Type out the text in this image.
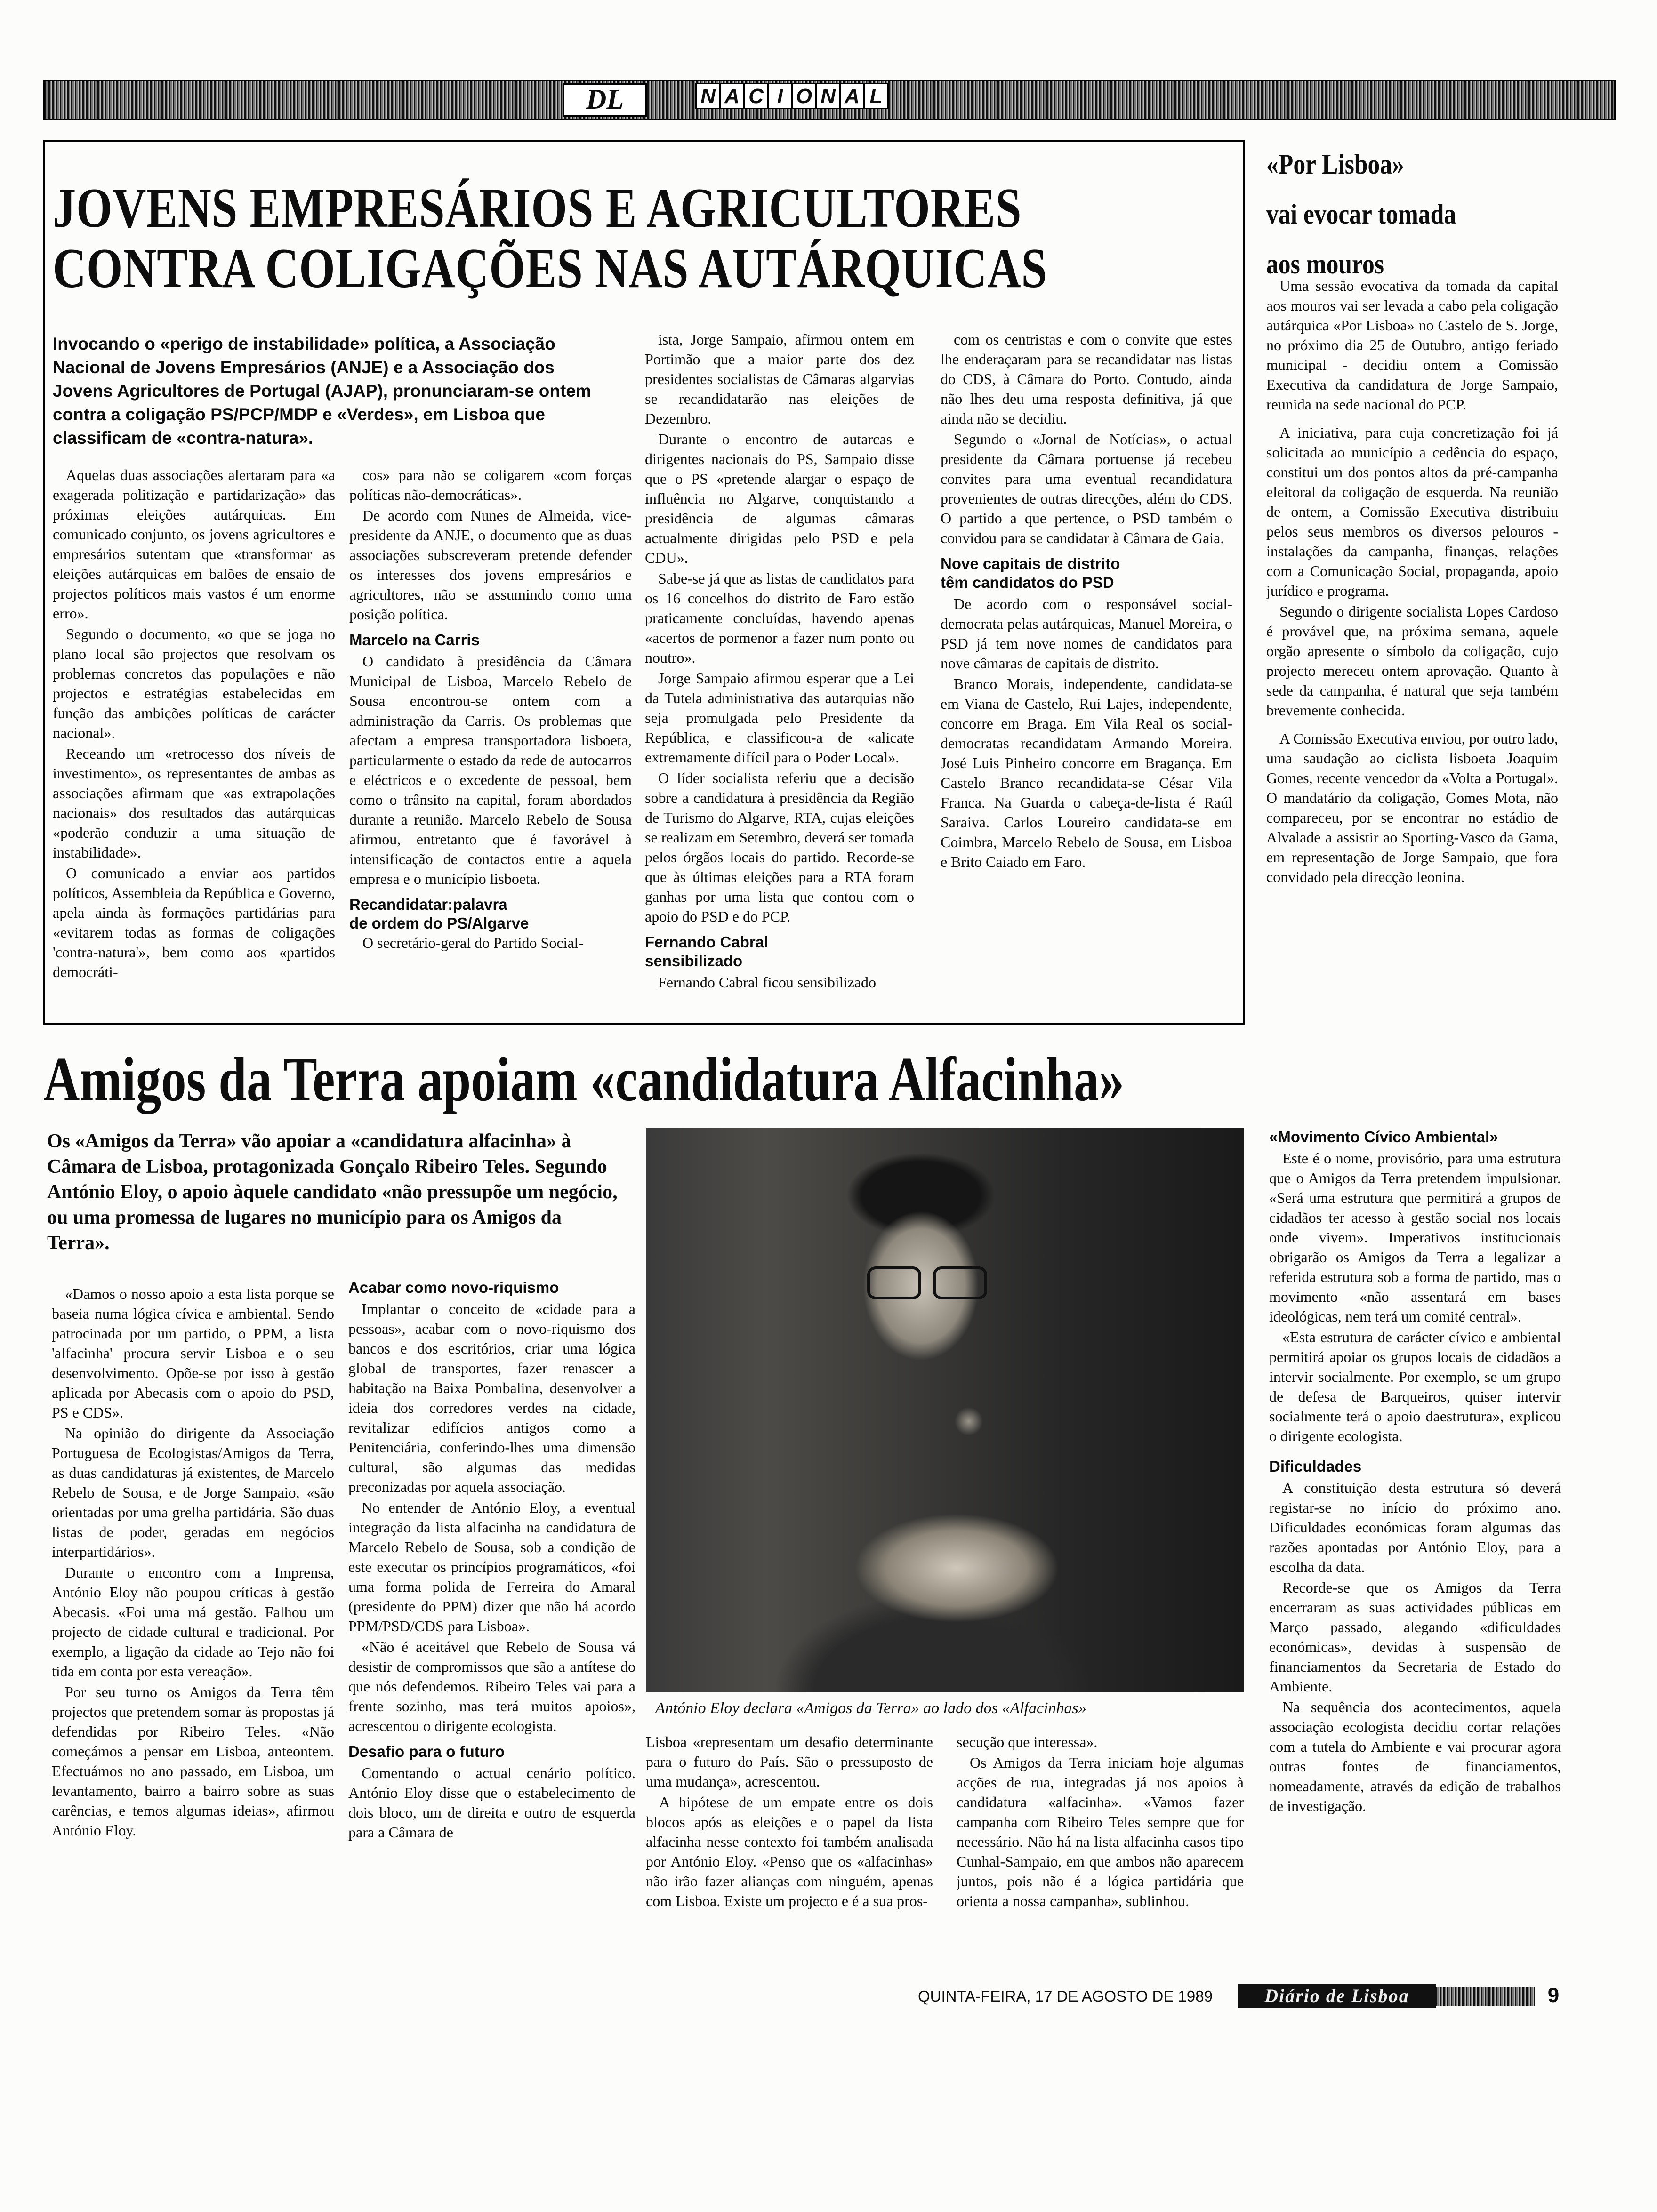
DL	N A C I O N A L
JOVENS EMPRESÁRIOS E AGRICULTORES
CONTRA COLIGAÇÕES NAS AUTÁRQUICAS
Invocando o «perigo de instabilidade» política, a Associação Nacional de Jovens Empresários (ANJE) e a Associação dos Jovens Agricultores de Portugal (AJAP), pronunciaram-se ontem contra a coligação PS/PCP/MDP e «Verdes», em Lisboa que classificam de «contra-natura».

Aquelas duas associações alertaram para «a exagerada politização e partidarização» das próximas eleições autárquicas. Em comunicado conjunto, os jovens agricultores e empresários sutentam que «transformar as eleições autárquicas em balões de ensaio de projectos políticos mais vastos é um enorme erro».

Segundo o documento, «o que se joga no plano local são projectos que resolvam os problemas concretos das populações e não projectos e estratégias estabelecidas em função das ambições políticas de carácter nacional».

Receando um «retrocesso dos níveis de investimento», os representantes de ambas as associações afirmam que «as extrapolações nacionais» dos resultados das autárquicas «poderão conduzir a uma situação de instabilidade».

O comunicado a enviar aos partidos políticos, Assembleia da República e Governo, apela ainda às formações partidárias para «evitarem todas as formas de coligações 'contra-natura'», bem como aos «partidos democráti-

cos» para não se coligarem «com forças políticas não-democráticas».

De acordo com Nunes de Almeida, vice-presidente da ANJE, o documento que as duas associações subscreveram pretende defender os interesses dos jovens empresários e agricultores, não se assumindo como uma posição política.

Marcelo na Carris

O candidato à presidência da Câmara Municipal de Lisboa, Marcelo Rebelo de Sousa encontrou-se ontem com a administração da Carris. Os problemas que afectam a empresa transportadora lisboeta, particularmente o estado da rede de autocarros e eléctricos e o excedente de pessoal, bem como o trânsito na capital, foram abordados durante a reunião. Marcelo Rebelo de Sousa afirmou, entretanto que é favorável à intensificação de contactos entre a aquela empresa e o município lisboeta.

Recandidatar:palavra
de ordem do PS/Algarve

O secretário-geral do Partido Social-

ista, Jorge Sampaio, afirmou ontem em Portimão que a maior parte dos dez presidentes socialistas de Câmaras algarvias se recandidatarão nas eleições de Dezembro.

Durante o encontro de autarcas e dirigentes nacionais do PS, Sampaio disse que o PS «pretende alargar o espaço de influência no Algarve, conquistando a presidência de algumas câmaras actualmente dirigidas pelo PSD e pela CDU».

Sabe-se já que as listas de candidatos para os 16 concelhos do distrito de Faro estão praticamente concluídas, havendo apenas «acertos de pormenor a fazer num ponto ou noutro».

Jorge Sampaio afirmou esperar que a Lei da Tutela administrativa das autarquias não seja promulgada pelo Presidente da República, e classificou-a de «alicate extremamente difícil para o Poder Local».

O líder socialista referiu que a decisão sobre a candidatura à presidência da Região de Turismo do Algarve, RTA, cujas eleições se realizam em Setembro, deverá ser tomada pelos órgãos locais do partido. Recorde-se que às últimas eleições para a RTA foram ganhas por uma lista que contou com o apoio do PSD e do PCP.

Fernando Cabral
sensibilizado

Fernando Cabral ficou sensibilizado

com os centristas e com o convite que estes lhe enderaçaram para se recandidatar nas listas do CDS, à Câmara do Porto. Contudo, ainda não lhes deu uma resposta definitiva, já que ainda não se decidiu.

Segundo o «Jornal de Notícias», o actual presidente da Câmara portuense já recebeu convites para uma eventual recandidatura provenientes de outras direcções, além do CDS. O partido a que pertence, o PSD também o convidou para se candidatar à Câmara de Gaia.

Nove capitais de distrito
têm candidatos do PSD

De acordo com o responsável social-democrata pelas autárquicas, Manuel Moreira, o PSD já tem nove nomes de candidatos para nove câmaras de capitais de distrito.

Branco Morais, independente, candidata-se em Viana de Castelo, Rui Lajes, independente, concorre em Braga. Em Vila Real os social-democratas recandidatam Armando Moreira. José Luis Pinheiro concorre em Bragança. Em Castelo Branco recandidata-se César Vila Franca. Na Guarda o cabeça-de-lista é Raúl Saraiva. Carlos Loureiro candidata-se em Coimbra, Marcelo Rebelo de Sousa, em Lisboa e Brito Caiado em Faro.

«Por Lisboa»
vai evocar tomada
aos mouros

Uma sessão evocativa da tomada da capital aos mouros vai ser levada a cabo pela coligação autárquica «Por Lisboa» no Castelo de S. Jorge, no próximo dia 25 de Outubro, antigo feriado municipal - decidiu ontem a Comissão Executiva da candidatura de Jorge Sampaio, reunida na sede nacional do PCP.

A iniciativa, para cuja concretização foi já solicitada ao município a cedência do espaço, constitui um dos pontos altos da pré-campanha eleitoral da coligação de esquerda. Na reunião de ontem, a Comissão Executiva distribuiu pelos seus membros os diversos pelouros - instalações da campanha, finanças, relações com a Comunicação Social, propaganda, apoio jurídico e programa.

Segundo o dirigente socialista Lopes Cardoso é provável que, na próxima semana, aquele orgão apresente o símbolo da coligação, cujo projecto mereceu ontem aprovação. Quanto à sede da campanha, é natural que seja também brevemente conhecida.

A Comissão Executiva enviou, por outro lado, uma saudação ao ciclista lisboeta Joaquim Gomes, recente vencedor da «Volta a Portugal». O mandatário da coligação, Gomes Mota, não compareceu, por se encontrar no estádio de Alvalade a assistir ao Sporting-Vasco da Gama, em representação de Jorge Sampaio, que fora convidado pela direcção leonina.

Amigos da Terra apoiam «candidatura Alfacinha»
Os «Amigos da Terra» vão apoiar a «candidatura alfacinha» à Câmara de Lisboa, protagonizada Gonçalo Ribeiro Teles. Segundo António Eloy, o apoio àquele candidato «não pressupõe um negócio, ou uma promessa de lugares no município para os Amigos da Terra».
António Eloy declara «Amigos da Terra» ao lado dos «Alfacinhas»

«Damos o nosso apoio a esta lista porque se baseia numa lógica cívica e ambiental. Sendo patrocinada por um partido, o PPM, a lista 'alfacinha' procura servir Lisboa e o seu desenvolvimento. Opõe-se por isso à gestão aplicada por Abecasis com o apoio do PSD, PS e CDS».

Na opinião do dirigente da Associação Portuguesa de Ecologistas/Amigos da Terra, as duas candidaturas já existentes, de Marcelo Rebelo de Sousa, e de Jorge Sampaio, «são orientadas por uma grelha partidária. São duas listas de poder, geradas em negócios interpartidários».

Durante o encontro com a Imprensa, António Eloy não poupou críticas à gestão Abecasis. «Foi uma má gestão. Falhou um projecto de cidade cultural e tradicional. Por exemplo, a ligação da cidade ao Tejo não foi tida em conta por esta vereação».

Por seu turno os Amigos da Terra têm projectos que pretendem somar às propostas já defendidas por Ribeiro Teles. «Não começámos a pensar em Lisboa, anteontem. Efectuámos no ano passado, em Lisboa, um levantamento, bairro a bairro sobre as suas carências, e temos algumas ideias», afirmou António Eloy.

Acabar como novo-riquismo

Implantar o conceito de «cidade para a pessoas», acabar com o novo-riquismo dos bancos e dos escritórios, criar uma lógica global de transportes, fazer renascer a habitação na Baixa Pombalina, desenvolver a ideia dos corredores verdes na cidade, revitalizar edifícios antigos como a Penitenciária, conferindo-lhes uma dimensão cultural, são algumas das medidas preconizadas por aquela associação.

No entender de António Eloy, a eventual integração da lista alfacinha na candidatura de Marcelo Rebelo de Sousa, sob a condição de este executar os princípios programáticos, «foi uma forma polida de Ferreira do Amaral (presidente do PPM) dizer que não há acordo PPM/PSD/CDS para Lisboa».

«Não é aceitável que Rebelo de Sousa vá desistir de compromissos que são a antítese do que nós defendemos. Ribeiro Teles vai para a frente sozinho, mas terá muitos apoios», acrescentou o dirigente ecologista.

Desafio para o futuro

Comentando o actual cenário político. António Eloy disse que o estabelecimento de dois bloco, um de direita e outro de esquerda para a Câmara de

Lisboa «representam um desafio determinante para o futuro do País. São o pressuposto de uma mudança», acrescentou.

A hipótese de um empate entre os dois blocos após as eleições e o papel da lista alfacinha nesse contexto foi também analisada por António Eloy. «Penso que os «alfacinhas» não irão fazer alianças com ninguém, apenas com Lisboa. Existe um projecto e é a sua pros-

secução que interessa».

Os Amigos da Terra iniciam hoje algumas acções de rua, integradas já nos apoios à candidatura «alfacinha». «Vamos fazer campanha com Ribeiro Teles sempre que for necessário. Não há na lista alfacinha casos tipo Cunhal-Sampaio, em que ambos não aparecem juntos, pois não é a lógica partidária que orienta a nossa campanha», sublinhou.

«Movimento Cívico Ambiental»

Este é o nome, provisório, para uma estrutura que o Amigos da Terra pretendem impulsionar. «Será uma estrutura que permitirá a grupos de cidadãos ter acesso à gestão social nos locais onde vivem». Imperativos institucionais obrigarão os Amigos da Terra a legalizar a referida estrutura sob a forma de partido, mas o movimento «não assentará em bases ideológicas, nem terá um comité central».

«Esta estrutura de carácter cívico e ambiental permitirá apoiar os grupos locais de cidadãos a intervir socialmente. Por exemplo, se um grupo de defesa de Barqueiros, quiser intervir socialmente terá o apoio daestrutura», explicou o dirigente ecologista.

Dificuldades

A constituição desta estrutura só deverá registar-se no início do próximo ano. Dificuldades económicas foram algumas das razões apontadas por António Eloy, para a escolha da data.

Recorde-se que os Amigos da Terra encerraram as suas actividades públicas em Março passado, alegando «dificuldades económicas», devidas à suspensão de financiamentos da Secretaria de Estado do Ambiente.

Na sequência dos acontecimentos, aquela associação ecologista decidiu cortar relações com a tutela do Ambiente e vai procurar agora outras fontes de financiamentos, nomeadamente, através da edição de trabalhos de investigação.

QUINTA-FEIRA, 17 DE AGOSTO DE 1989	Diário de Lisboa	9
